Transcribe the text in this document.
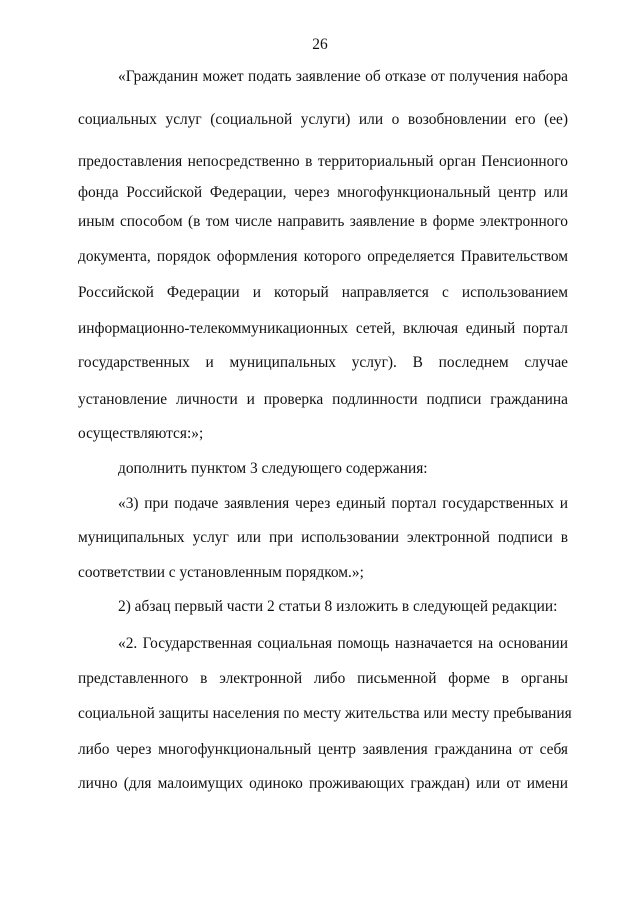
26
«Гражданин может подать заявление об отказе от получения набора
социальных услуг (социальной услуги) или о возобновлении его (ее)
предоставления непосредственно в территориальный орган Пенсионного
фонда Российской Федерации, через многофункциональный центр или
иным способом (в том числе направить заявление в форме электронного
документа, порядок оформления которого определяется Правительством
Российской Федерации и который направляется с использованием
информационно-телекоммуникационных сетей, включая единый портал
государственных и муниципальных услуг). В последнем случае
установление личности и проверка подлинности подписи гражданина
осуществляются:»;
дополнить пунктом 3 следующего содержания:
«3) при подаче заявления через единый портал государственных и
муниципальных услуг или при использовании электронной подписи в
соответствии с установленным порядком.»;
2) абзац первый части 2 статьи 8 изложить в следующей редакции:
«2. Государственная социальная помощь назначается на основании
представленного в электронной либо письменной форме в органы
социальной защиты населения по месту жительства или месту пребывания
либо через многофункциональный центр заявления гражданина от себя
лично (для малоимущих одиноко проживающих граждан) или от имени
